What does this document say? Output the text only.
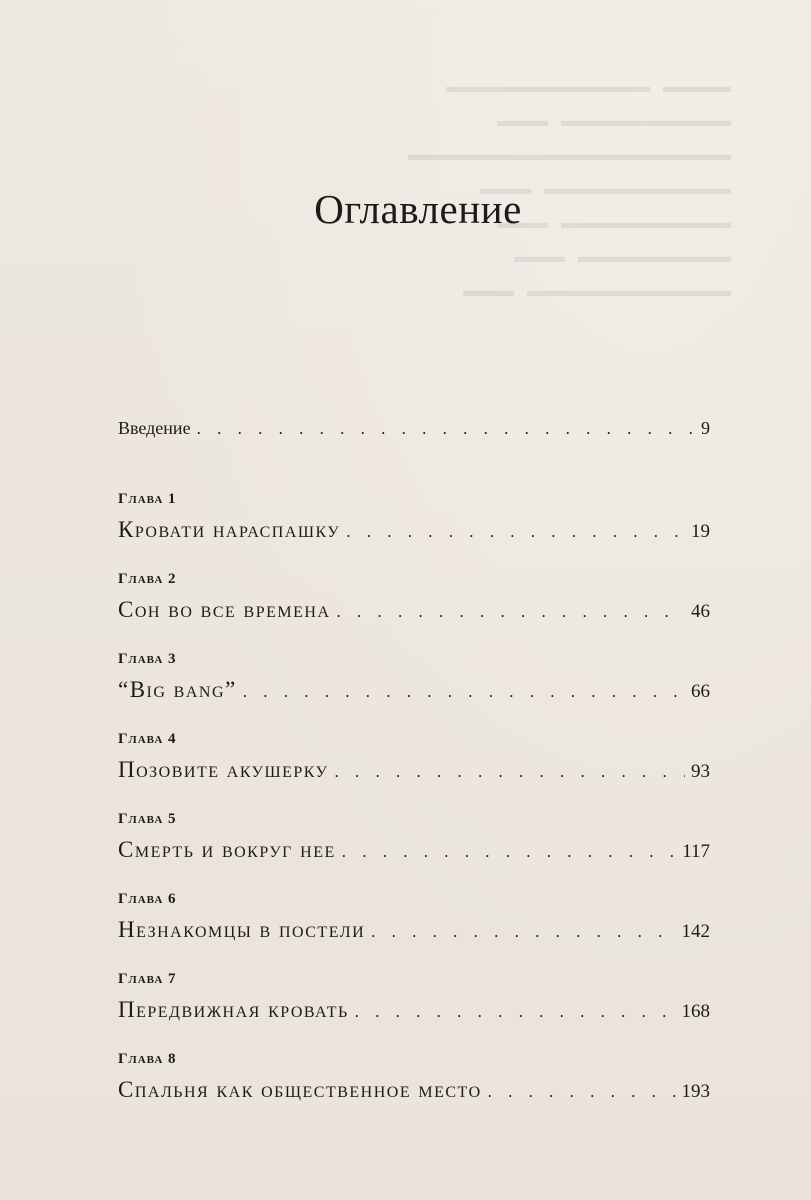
▬▬▬▬   ▬▬▬▬▬▬▬▬▬▬▬▬
▬▬▬▬▬▬▬▬▬▬   ▬▬▬
▬▬▬▬▬▬▬▬▬▬▬▬▬▬▬▬▬▬▬
▬▬▬▬▬▬▬▬▬▬▬   ▬▬▬
▬▬▬▬▬▬▬▬▬▬   ▬▬▬
▬▬▬▬▬▬▬▬▬   ▬▬▬
▬▬▬▬▬▬▬▬▬▬▬▬   ▬▬▬
Оглавление
Введение . . .	9
Глава 1
Кровати нараспашку . . .	19
Глава 2
Сон во все времена . . .	46
Глава 3
“Big bang” . . .	66
Глава 4
Позовите акушерку . . .	93
Глава 5
Смерть и вокруг нее . . .	117
Глава 6
Незнакомцы в постели . . .	142
Глава 7
Передвижная кровать . . .	168
Глава 8
Спальня как общественное место . . .	193
